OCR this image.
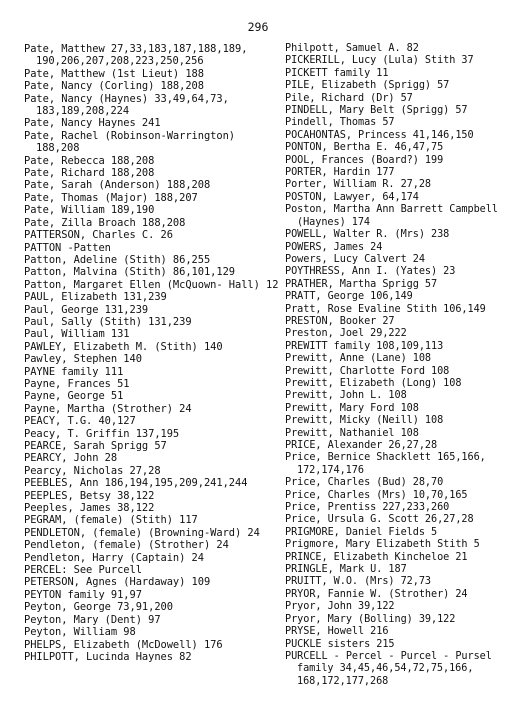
296
Pate, Matthew 27,33,183,187,188,189, 190,206,207,208,223,250,256
Pate, Matthew (1st Lieut) 188
Pate, Nancy (Corling) 188,208
Pate, Nancy (Haynes) 33,49,64,73, 183,189,208,224
Pate, Nancy Haynes 241
Pate, Rachel (Robinson-Warrington) 188,208
Pate, Rebecca 188,208
Pate, Richard 188,208
Pate, Sarah (Anderson) 188,208
Pate, Thomas (Major) 188,207
Pate, William 189,190
Pate, Zilla Broach 188,208
PATTERSON, Charles C. 26
PATTON -Patten
Patton, Adeline (Stith) 86,255
Patton, Malvina (Stith) 86,101,129
Patton, Margaret Ellen (McQuown- Hall) 12
PAUL, Elizabeth 131,239
Paul, George 131,239
Paul, Sally (Stith) 131,239
Paul, William 131
PAWLEY, Elizabeth M. (Stith) 140
Pawley, Stephen 140
PAYNE family 111
Payne, Frances 51
Payne, George 51
Payne, Martha (Strother) 24
PEACY, T.G. 40,127
Peacy, T. Griffin 137,195
PEARCE, Sarah Sprigg 57
PEARCY, John 28
Pearcy, Nicholas 27,28
PEEBLES, Ann 186,194,195,209,241,244
PEEPLES, Betsy 38,122
Peeples, James 38,122
PEGRAM, (female) (Stith) 117
PENDLETON, (female) (Browning-Ward) 24
Pendleton, (female) (Strother) 24
Pendleton, Harry (Captain) 24
PERCEL: See Purcell
PETERSON, Agnes (Hardaway) 109
PEYTON family 91,97
Peyton, George 73,91,200
Peyton, Mary (Dent) 97
Peyton, William 98
PHELPS, Elizabeth (McDowell) 176
PHILPOTT, Lucinda Haynes 82
Philpott, Samuel A. 82
PICKERILL, Lucy (Lula) Stith 37
PICKETT family 11
PILE, Elizabeth (Sprigg) 57
Pile, Richard (Dr) 57
PINDELL, Mary Belt (Sprigg) 57
Pindell, Thomas 57
POCAHONTAS, Princess 41,146,150
PONTON, Bertha E. 46,47,75
POOL, Frances (Board?) 199
PORTER, Hardin 177
Porter, William R. 27,28
POSTON, Lawyer, 64,174
Poston, Martha Ann Barrett Campbell (Haynes) 174
POWELL, Walter R. (Mrs) 238
POWERS, James 24
Powers, Lucy Calvert 24
POYTHRESS, Ann I. (Yates) 23
PRATHER, Martha Sprigg 57
PRATT, George 106,149
Pratt, Rose Evaline Stith 106,149
PRESTON, Booker 27
Preston, Joel 29,222
PREWITT family 108,109,113
Prewitt, Anne (Lane) 108
Prewitt, Charlotte Ford 108
Prewitt, Elizabeth (Long) 108
Prewitt, John L. 108
Prewitt, Mary Ford 108
Prewitt, Micky (Neill) 108
Prewitt, Nathaniel 108
PRICE, Alexander 26,27,28
Price, Bernice Shacklett 165,166, 172,174,176
Price, Charles (Bud) 28,70
Price, Charles (Mrs) 10,70,165
Price, Prentiss 227,233,260
Price, Ursula G. Scott 26,27,28
PRIGMORE, Daniel Fields 5
Prigmore, Mary Elizabeth Stith 5
PRINCE, Elizabeth Kincheloe 21
PRINGLE, Mark U. 187
PRUITT, W.O. (Mrs) 72,73
PRYOR, Fannie W. (Strother) 24
Pryor, John 39,122
Pryor, Mary (Bolling) 39,122
PRYSE, Howell 216
PUCKLE sisters 215
PURCELL - Percel - Purcel - Pursel family 34,45,46,54,72,75,166, 168,172,177,268
